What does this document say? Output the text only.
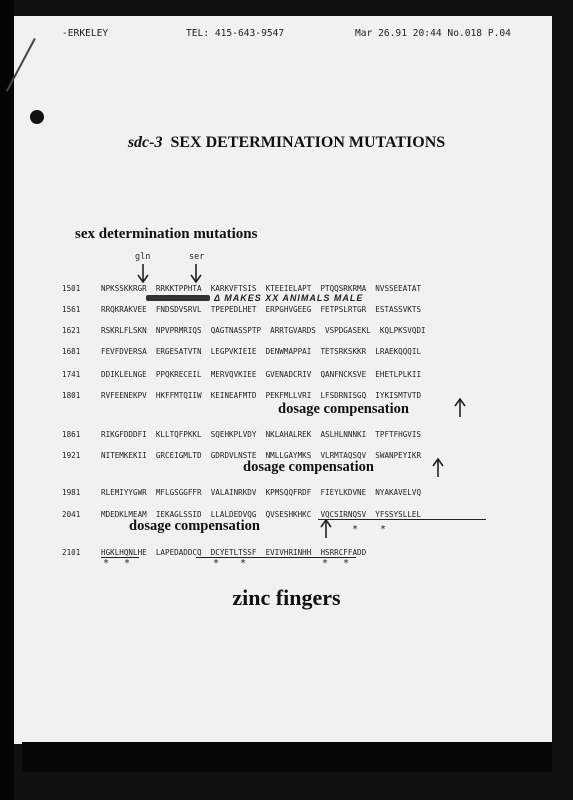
-ERKELEY	TEL: 415-643-9547	Mar 26.91 20:44 No.018 P.04
sdc-3 SEX DETERMINATION MUTATIONS
sex determination mutations
gln	ser
1501	NPKSSKKRGR  RRKKTPPHTA  KARKVFTSIS  KTEEIELAPT  PTQQSRKRMA  NVSSEEATAT
Δ MAKES XX ANIMALS MALE
1561	RRQKRAKVEE  FNDSDVSRVL  TPEPEDLHET  ERPGHVGEEG  FETPSLRTGR  ESTASSVKTS
1621	RSKRLFLSKN  NPVPRMRIQS  QAGTNASSPTP  ARRTGVARDS  VSPDGASEKL  KQLPKSVQDI
1681	FEVFDVERSA  ERGESATVTN  LEGPVKIEIE  DENWMAPPAI  TETSRKSKKR  LRAEKQQQIL
1741	DDIKLELNGE  PPQKRECEIL  MERVQVKIEE  GVENADCRIV  QANFNCKSVE  EHETLPLKII
1801	RVFEENEKPV  HKFFMTQIIW  KEINEAFMTD  PEKFMLLVRI  LFSDRNISGQ  IYKISMTVTD
dosage compensation
1861	RIKGFDDDFI  KLLTQFPKKL  SQEHKPLVDY  NKLAHALREK  ASLHLNNNKI  TPFTFHGVIS
1921	NITEMKEKII  GRCEIGMLTD  GDRDVLNSTE  NMLLGAYMKS  VLRMTAQSQV  SWANPEYIKR
dosage compensation
1981	RLEMIYYGWR  MFLGSGGFFR  VALAINRKDV  KPMSQQFRDF  FIEYLKDVNE  NYAKAVELVQ
2041	MDEDKLMEAM  IEKAGLSSID  LLALDEDVQG  QVSESHKHKC  VQCSIRNQSV  YFSSYSLLEL
dosage compensation	* *
2101	HGKLHQNLHE  LAPEDADDCQ  DCYETLTSSF  EVIVHRINHH  HSRRCFFADD
* *	* *	* *
zinc fingers
